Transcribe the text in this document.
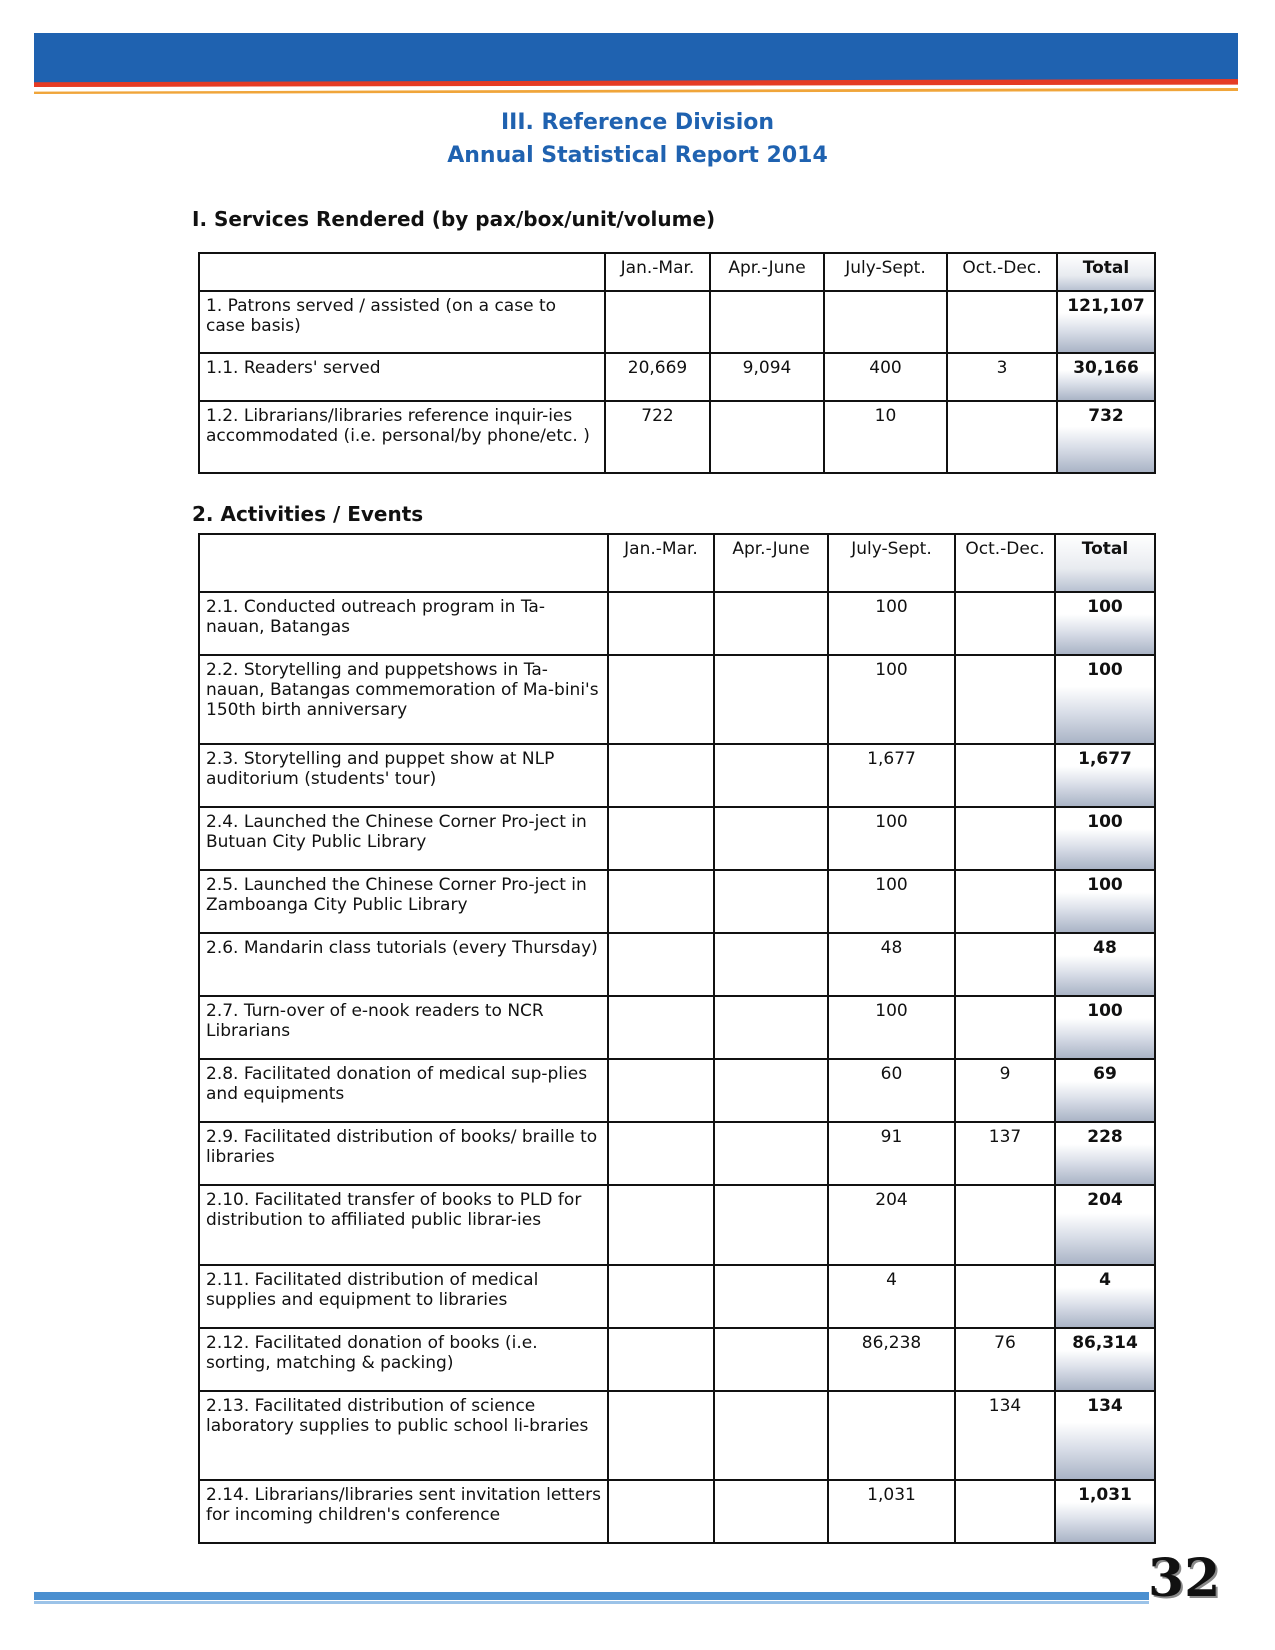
III. Reference Division
Annual Statistical Report 2014
I. Services Rendered (by pax/box/unit/volume)
	Jan.-Mar.	Apr.-June	July-Sept.	Oct.-Dec.	Total
1. Patrons served / assisted (on a case to case basis)					121,107
1.1. Readers' served	20,669	9,094	400	3	30,166
1.2. Librarians/libraries reference inquir-ies accommodated (i.e. personal/by phone/etc. )	722		10		732
2. Activities / Events
	Jan.-Mar.	Apr.-June	July-Sept.	Oct.-Dec.	Total
2.1. Conducted outreach program in Ta-nauan, Batangas			100		100
2.2. Storytelling and puppetshows in Ta-nauan, Batangas commemoration of Ma-bini's 150th birth anniversary			100		100
2.3. Storytelling and puppet show at NLP auditorium (students' tour)			1,677		1,677
2.4. Launched the Chinese Corner Pro-ject in Butuan City Public Library			100		100
2.5. Launched the Chinese Corner Pro-ject in Zamboanga City Public Library			100		100
2.6. Mandarin class tutorials (every Thursday)			48		48
2.7. Turn-over of e-nook readers to NCR Librarians			100		100
2.8. Facilitated donation of medical sup-plies and equipments			60	9	69
2.9. Facilitated distribution of books/ braille to libraries			91	137	228
2.10. Facilitated transfer of books to PLD for distribution to affiliated public librar-ies			204		204
2.11. Facilitated distribution of medical supplies and equipment to libraries			4		4
2.12. Facilitated donation of books (i.e. sorting, matching & packing)			86,238	76	86,314
2.13. Facilitated distribution of science laboratory supplies to public school li-braries				134	134
2.14. Librarians/libraries sent invitation letters for incoming children's conference			1,031		1,031
32
